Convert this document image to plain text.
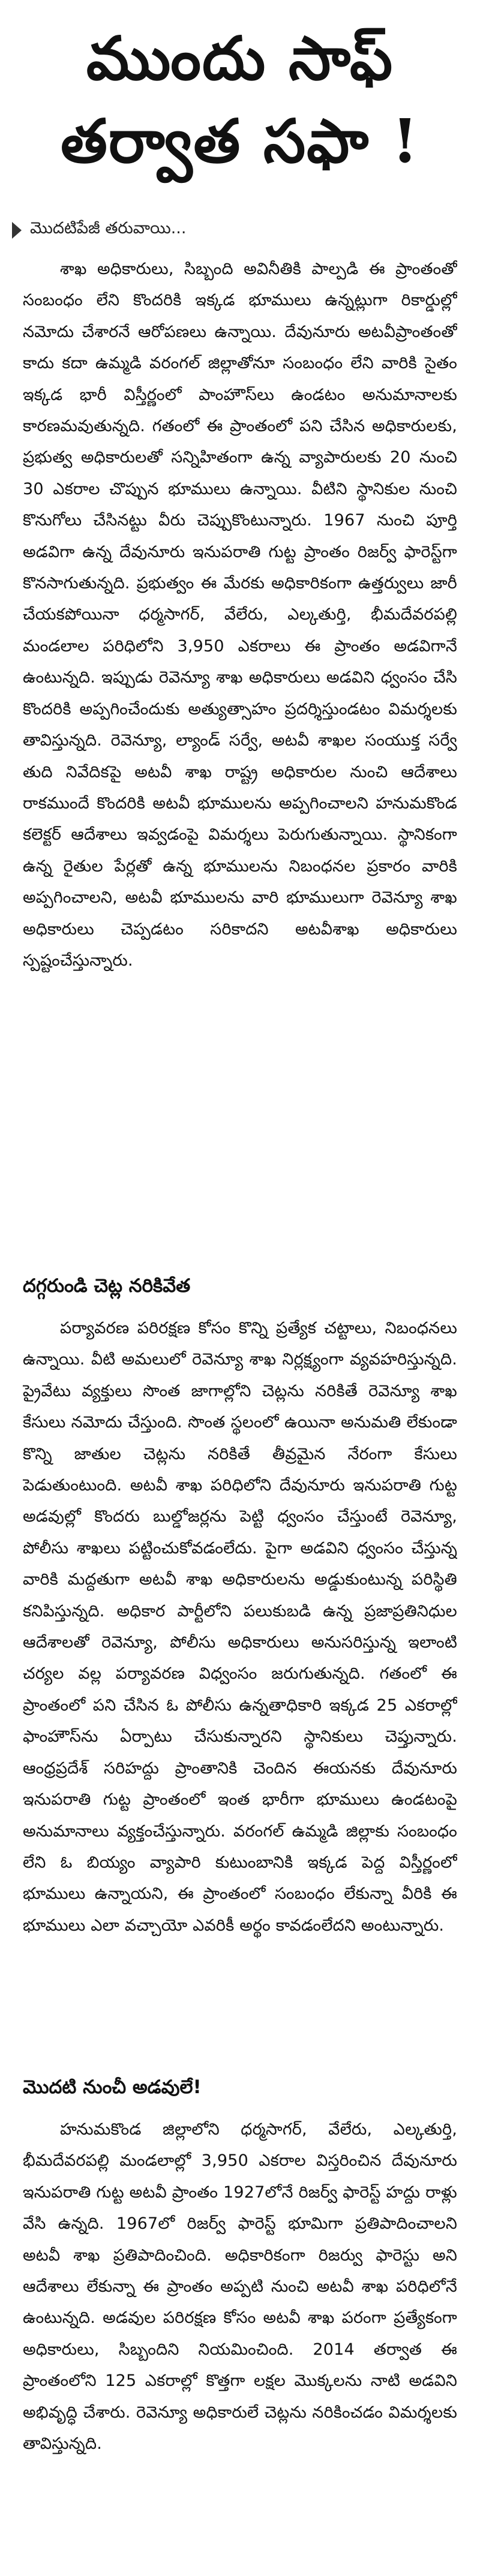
ముందు సాఫ్
తర్వాత సఫా !
మొదటిపేజీ తరువాయి...

శాఖ అధికారులు, సిబ్బంది అవినీతికి పాల్పడి ఈ ప్రాంతంతో సంబంధం లేని కొందరికి ఇక్కడ భూములు ఉన్నట్లుగా రికార్డుల్లో నమోదు చేశారనే ఆరోపణలు ఉన్నాయి. దేవునూరు అటవీప్రాంతంతో కాదు కదా ఉమ్మడి వరంగల్ జిల్లాతోనూ సంబంధం లేని వారికి సైతం ఇక్కడ భారీ విస్తీర్ణంలో పాంహౌస్‌లు ఉండటం అనుమానాలకు కారణమవుతున్నది. గతంలో ఈ ప్రాంతంలో పని చేసిన అధికారులకు, ప్రభుత్వ అధికారులతో సన్నిహితంగా ఉన్న వ్యాపారులకు 20 నుంచి 30 ఎకరాల చొప్పున భూములు ఉన్నాయి. వీటిని స్థానికుల నుంచి కొనుగోలు చేసినట్టు వీరు చెప్పుకొంటున్నారు. 1967 నుంచి పూర్తి అడవిగా ఉన్న దేవునూరు ఇనుపరాతి గుట్ట ప్రాంతం రిజర్వ్ ఫారెస్ట్‌గా కొనసాగుతున్నది. ప్రభుత్వం ఈ మేరకు అధికారికంగా ఉత్తర్వులు జారీ చేయకపోయినా ధర్మసాగర్, వేలేరు, ఎల్కతుర్తి, భీమదేవరపల్లి మండలాల పరిధిలోని 3,950 ఎకరాలు ఈ ప్రాంతం అడవిగానే ఉంటున్నది. ఇప్పుడు రెవెన్యూ శాఖ అధికారులు అడవిని ధ్వంసం చేసి కొందరికి అప్పగించేందుకు అత్యుత్సాహం ప్రదర్శిస్తుండటం విమర్శలకు తావిస్తున్నది. రెవెన్యూ, ల్యాండ్ సర్వే, అటవీ శాఖల సంయుక్త సర్వే తుది నివేదికపై అటవీ శాఖ రాష్ట్ర అధికారుల నుంచి ఆదేశాలు రాకముందే కొందరికి అటవీ భూములను అప్పగించాలని హనుమకొండ కలెక్టర్ ఆదేశాలు ఇవ్వడంపై విమర్శలు పెరుగుతున్నాయి. స్థానికంగా ఉన్న రైతుల పేర్లతో ఉన్న భూములను నిబంధనల ప్రకారం వారికి అప్పగించాలని, అటవీ భూములను వారి భూములుగా రెవెన్యూ శాఖ అధికారులు చెప్పడటం సరికాదని అటవీశాఖ అధికారులు స్పష్టంచేస్తున్నారు.

దగ్గరుండి చెట్ల నరికివేత

పర్యావరణ పరిరక్షణ కోసం కొన్ని ప్రత్యేక చట్టాలు, నిబంధనలు ఉన్నాయి. వీటి అమలులో రెవెన్యూ శాఖ నిర్లక్ష్యంగా వ్యవహరిస్తున్నది. ప్రైవేటు వ్యక్తులు సొంత జాగాల్లోని చెట్లను నరికితే రెవెన్యూ శాఖ కేసులు నమోదు చేస్తుంది. సొంత స్థలంలో ఉయినా అనుమతి లేకుండా కొన్ని జాతుల చెట్లను నరికితే తీవ్రమైన నేరంగా కేసులు పెడుతుంటుంది. అటవీ శాఖ పరిధిలోని దేవునూరు ఇనుపరాతి గుట్ట అడవుల్లో కొందరు బుల్డోజర్లను పెట్టి ధ్వంసం చేస్తుంటే రెవెన్యూ, పోలీసు శాఖలు పట్టించుకోవడంలేదు. పైగా అడవిని ధ్వంసం చేస్తున్న వారికి మద్దతుగా అటవీ శాఖ అధికారులను అడ్డుకుంటున్న పరిస్థితి కనిపిస్తున్నది. అధికార పార్టీలోని పలుకుబడి ఉన్న ప్రజాప్రతినిధుల ఆదేశాలతో రెవెన్యూ, పోలీసు అధికారులు అనుసరిస్తున్న ఇలాంటి చర్యల వల్ల పర్యావరణ విధ్వంసం జరుగుతున్నది. గతంలో ఈ ప్రాంతంలో పని చేసిన ఓ పోలీసు ఉన్నతాధికారి ఇక్కడ 25 ఎకరాల్లో ఫాంహౌస్‌ను ఏర్పాటు చేసుకున్నారని స్థానికులు చెప్తున్నారు. ఆంధ్రప్రదేశ్ సరిహద్దు ప్రాంతానికి చెందిన ఈయనకు దేవునూరు ఇనుపరాతి గుట్ట ప్రాంతంలో ఇంత భారీగా భూములు ఉండటంపై అనుమానాలు వ్యక్తంచేస్తున్నారు. వరంగల్ ఉమ్మడి జిల్లాకు సంబంధం లేని ఓ బియ్యం వ్యాపారి కుటుంబానికి ఇక్కడ పెద్ద విస్తీర్ణంలో భూములు ఉన్నాయని, ఈ ప్రాంతంలో సంబంధం లేకున్నా వీరికి ఈ భూములు ఎలా వచ్చాయో ఎవరికీ అర్థం కావడంలేదని అంటున్నారు.

మొదటి నుంచీ అడవులే!

హనుమకొండ జిల్లాలోని ధర్మసాగర్, వేలేరు, ఎల్కతుర్తి, భీమదేవరపల్లి మండలాల్లో 3,950 ఎకరాల విస్తరించిన దేవునూరు ఇనుపరాతి గుట్ట అటవీ ప్రాంతం 1927లోనే రిజర్వ్ ఫారెస్ట్ హద్దు రాళ్లు వేసి ఉన్నది. 1967లో రిజర్వ్ ఫారెస్ట్ భూమిగా ప్రతిపాదించాలని అటవీ శాఖ ప్రతిపాదించింది. అధికారికంగా రిజర్వు ఫారెస్టు అని ఆదేశాలు లేకున్నా ఈ ప్రాంతం అప్పటి నుంచి అటవీ శాఖ పరిధిలోనే ఉంటున్నది. అడవుల పరిరక్షణ కోసం అటవీ శాఖ పరంగా ప్రత్యేకంగా అధికారులు, సిబ్బందిని నియమించింది. 2014 తర్వాత ఈ ప్రాంతంలోని 125 ఎకరాల్లో కొత్తగా లక్షల మొక్కలను నాటి అడవిని అభివృద్ధి చేశారు. రెవెన్యూ అధికారులే చెట్లను నరికించడం విమర్శలకు తావిస్తున్నది.
